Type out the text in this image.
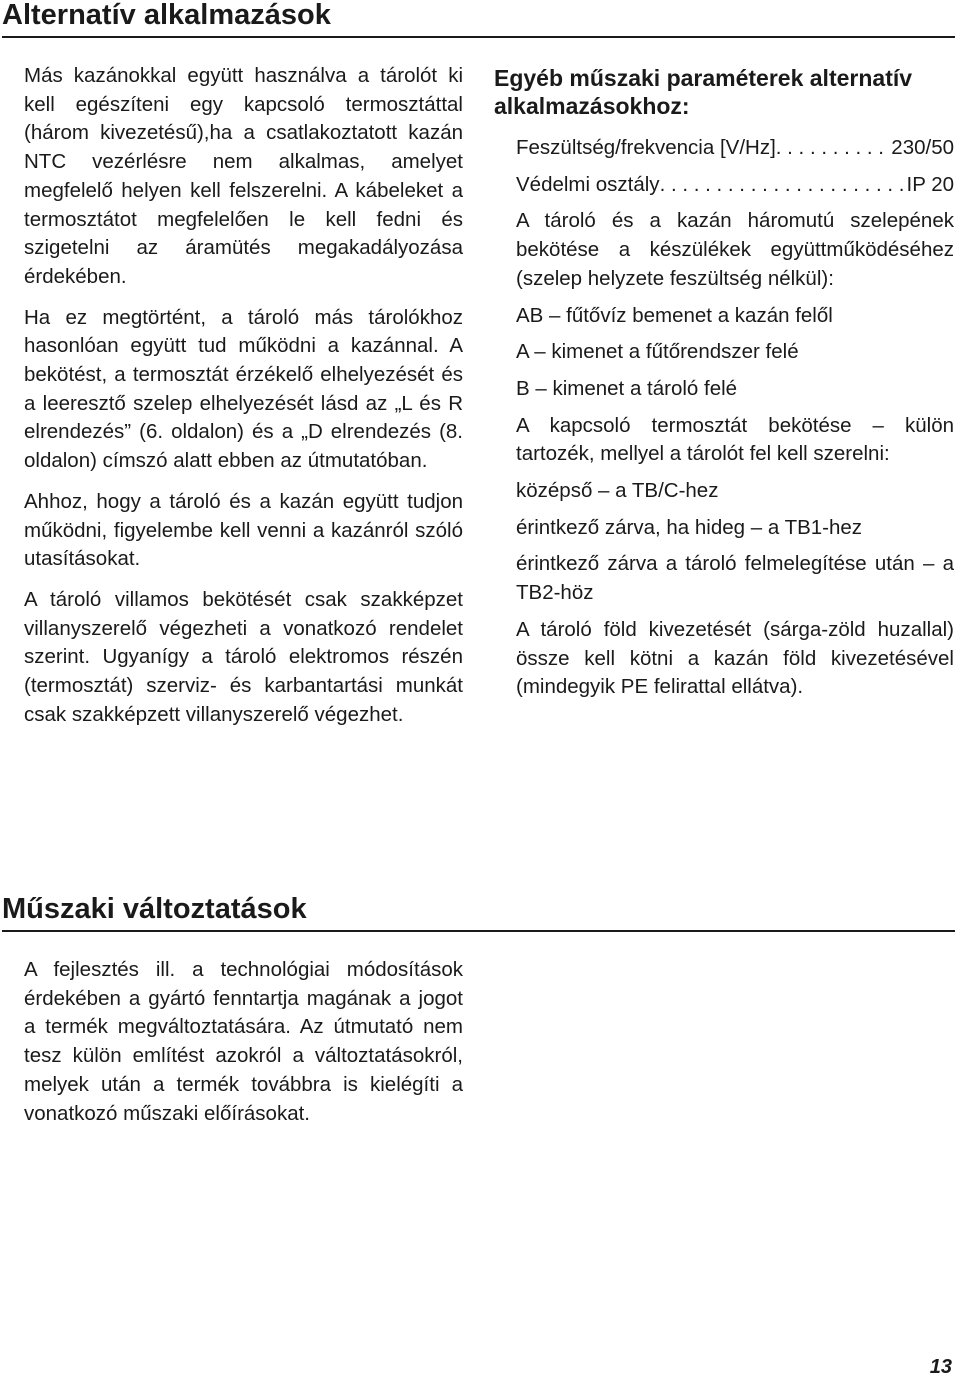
Alternatív alkalmazások

Más kazánokkal együtt használva a tárolót ki kell egészíteni egy kapcsoló termosztáttal (három kivezetésű),ha a csatlakoztatott kazán NTC vezérlésre nem alkalmas, amelyet megfelelő helyen kell felszerelni. A kábeleket a termosztátot megfelelően le kell fedni és szigetelni az áramütés megakadályozása érdekében.

Ha ez megtörtént, a tároló más tárolókhoz hasonlóan együtt tud működni a kazánnal. A bekötést, a termosztát érzékelő elhelyezését és a leeresztő szelep elhelyezését lásd az „L és R elrendezés” (6. oldalon) és a „D elrendezés (8. oldalon) címszó alatt ebben az útmutatóban.

Ahhoz, hogy a tároló és a kazán együtt tudjon működni, figyelembe kell venni a kazánról szóló utasításokat.

A tároló villamos bekötését csak szakképzet villanyszerelő végezheti a vonatkozó rendelet szerint. Ugyanígy a tároló elektromos részén (termosztát) szerviz- és karbantartási munkát csak szakképzett villanyszerelő végezhet.

Egyéb műszaki paraméterek alternatív alkalmazásokhoz:
Feszültség/frekvencia [V/Hz] . . .	230/50
Védelmi osztály . . .	IP 20

A tároló és a kazán háromutú szelepének bekötése a készülékek együttműködéséhez (szelep helyzete feszültség nélkül):

AB – fűtővíz bemenet a kazán felől

A – kimenet a fűtőrendszer felé

B – kimenet a tároló felé

A kapcsoló termosztát bekötése – külön tartozék, mellyel a tárolót fel kell szerelni:

középső – a TB/C-hez

érintkező zárva, ha hideg – a TB1-hez

érintkező zárva a tároló felmelegítése után – a TB2-höz

A tároló föld kivezetését (sárga-zöld huzallal) össze kell kötni a kazán föld kivezetésével (mindegyik PE felirattal ellátva).

Műszaki változtatások

A fejlesztés ill. a technológiai módosítások érdekében a gyártó fenntartja magának a jogot a termék megváltoztatására. Az útmutató nem tesz külön említést azokról a változtatásokról, melyek után a termék továbbra is kielégíti a vonatkozó műszaki előírásokat.

13
